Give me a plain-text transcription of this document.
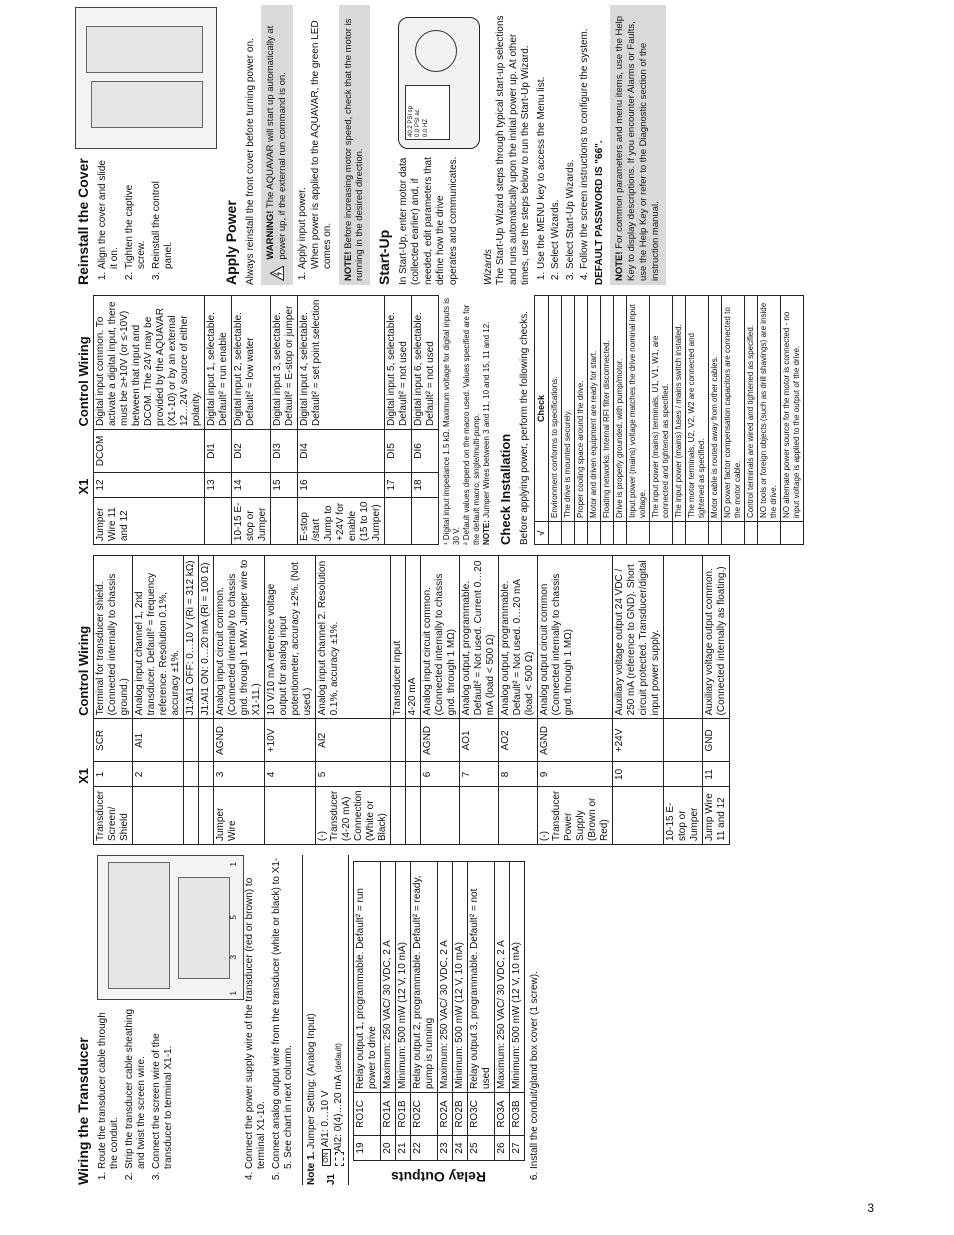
3
Wiring the Transducer 1. Route the transducer cable through the conduit. 2. Strip the transducer cable sheathing and twist the screen wire. 3. Connect the screen wire of the transducer to terminal X1-1.
1
3
5
1
4. Connect the power supply wire of the transducer (red or brown) to terminal X1-10. 5. Connect analog output wire from the transducer (white or black) to X1-5. See chart in next column.	Note 1. Jumper Setting: (Analog Input)
J1
ON AI1: 0…10 V AI2: 0(4)…20 mA (default)
Relay Outputs
19	RO1C	Relay output 1, programmable. Default² = run power to drive
20	RO1A	Maximum: 250 VAC/ 30 VDC, 2 A
21	RO1B	Minimum: 500 mW (12 V, 10 mA)
22	RO2C	Relay output 2, programmable. Default² = ready, pump is running
23	RO2A	Maximum: 250 VAC/ 30 VDC, 2 A
24	RO2B	Minimum: 500 mW (12 V, 10 mA)
25	RO3C	Relay output 3, programmable. Default² = not used
26	RO3A	Maximum: 250 VAC/ 30 VDC, 2 A
27	RO3B	Minimum: 500 mW (12 V, 10 mA) 6. Install the conduit/gland box cover (1 screw).
	X1		Control Wiring
Transducer Screen/ Shield	1	SCR	Terminal for transducer shield. (Connected internally to chassis ground.)
	2	AI1	Analog input channel 1, 2nd transducer. Default² = frequency reference. Resolution 0.1%, accuracy ±1%.
			J1:AI1 OFF: 0…10 V (Ri = 312 kΩ)
			J1:AI1 ON: 0…20 mA (Ri = 100 Ω)
Jumper Wire	3	AGND	Analog input circuit common. (Connected internally to chassis gnd. through 1 MW. Jumper wire to X1-11.)
	4	+10V	10 V/10 mA reference voltage output for analog input potentiometer, accuracy ±2%. (Not used.)
(-) Transducer (4-20 mA) Connection (White or Black)	5	AI2	Analog input channel 2. Resolution 0.1%, accuracy ±1%.
			Transducer input
			4-20 mA
	6	AGND	Analog input circuit common. (Connected internally to chassis gnd. through 1 MΩ)
	7	AO1	Analog output, programmable. Default² = Not used. Current 0…20 mA (load < 500 Ω)
	8	AO2	Analog output, programmable. Default² = Not used. 0…20 mA (load < 500 Ω)
(-) Transducer Power Supply (Brown or Red)	9	AGND	Analog output circuit common (Connected internally to chassis gnd. through 1 MΩ)
	10	+24V	Auxiliary voltage output 24 VDC / 250 mA (reference to GND). Short circuit protected. Transducer/digital input power supply.
10-15 E-stop or Jumper			
Jump Wire 11 and 12	11	GND	Auxiliary voltage output common. (Connected internally as floating.)
	X1		Control Wiring
Jumper Wire 11 and 12	12	DCOM	Digital input common. To activate a digital input, there must be ≥+10V (or ≤-10V) between that input and DCOM. The 24V may be provided by the AQUAVAR (X1-10) or by an external 12…24V source of either polarity.
	13	DI1	Digital input 1, selectable. Default² = run enable
10-15 E-stop or Jumper	14	DI2	Digital input 2, selectable. Default² = low water
	15	DI3	Digital input 3, selectable. Default² = E-stop or jumper
E-stop /start Jump to +24V for enable (15 to 10 Jumper)	16	DI4	Digital input 4, selectable. Default² = set point selection
	17	DI5	Digital input 5, selectable. Default² = not used
	18	DI6	Digital input 6, selectable. Default² = not used ¹ Digital input impedance 1.5 kΩ. Maximum voltage for digital inputs is 30 V. ² Default values depend on the macro used. Values specified are for the default macro, single/multi-pump. NOTE: Jumper Wires between 3 and 11, 10 and 15, 11 and 12. Check Installation Before applying power, perform the following checks. √	Check
	Environment conforms to specifications.
	The drive is mounted securely.
	Proper cooling space around the drive.
	Motor and driven equipment are ready for start.
	Floating networks: Internal RFI filter disconnected.
	Drive is properly grounded, with pump/motor.
	Input power (mains) voltage matches the drive nominal input voltage.
	The input power (mains) terminals, U1, V1, W1, are connected and tightened as specified.
	The input power (mains) fuses / mains switch installed.
	The motor terminals, U2, V2, W2 are connected and tightened as specified.
	Motor cable is routed away from other cables.
	NO power factor compensation capacitors are connected to the motor cable.
	Control terminals are wired and tightened as specified.
	NO tools or foreign objects (such as drill shavings) are inside the drive.
	NO alternate power source for the motor is connected - no input voltage is applied to the output of the drive.
Reinstall the Cover 1. Align the cover and slide it on. 2. Tighten the captive screw. 3. Reinstall the control panel.	Apply Power Always reinstall the front cover before turning power on. WARNING! The AQUAVAR will start up automatically at power up, if the external run command is on. 1. Apply input power. When power is applied to the AQUAVAR, the green LED comes on.	NOTE! Before increasing motor speed, check that the motor is running in the desired direction. Start-Up In Start-Up, enter motor data (collected earlier) and, if needed, edit parameters that define how the drive operates and communicates.
40.2 PSI sp 0.0 PSI ac 0.0 HZ
Wizards The Start-Up Wizard steps through typical start-up selections and runs automatically upon the initial power up. At other times, use the steps below to run the Start-Up Wizard. 1. Use the MENU key to access the Menu list. 2. Select Wizards. 3. Select Start-Up Wizards. 4. Follow the screen instructions to configure the system. DEFAULT PASSWORD IS "66".	NOTE! For common parameters and menu items, use the Help Key to display descriptions. If you encounter Alarms or Faults, use the Help Key or refer to the Diagnostic section of the instruction manual.
